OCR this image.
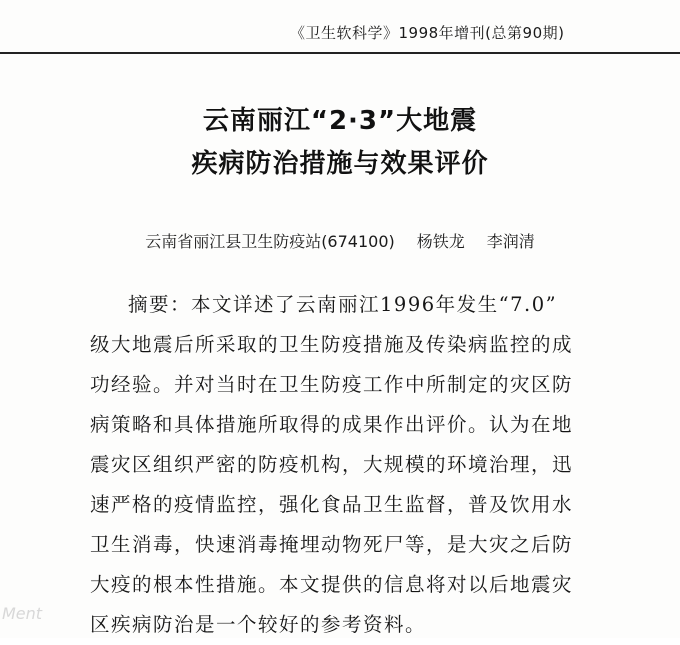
《卫生软科学》1998年增刊(总第90期)
云南丽江“2·3”大地震
疾病防治措施与效果评价
云南省丽江县卫生防疫站(674100) 杨铁龙 李润清
摘要：本文详述了云南丽江1996年发生“7.0”
级大地震后所采取的卫生防疫措施及传染病监控的成
功经验。并对当时在卫生防疫工作中所制定的灾区防
病策略和具体措施所取得的成果作出评价。认为在地
震灾区组织严密的防疫机构，大规模的环境治理，迅
速严格的疫情监控，强化食品卫生监督，普及饮用水
卫生消毒，快速消毒掩埋动物死尸等，是大灾之后防
大疫的根本性措施。本文提供的信息将对以后地震灾
区疾病防治是一个较好的参考资料。
Ment
